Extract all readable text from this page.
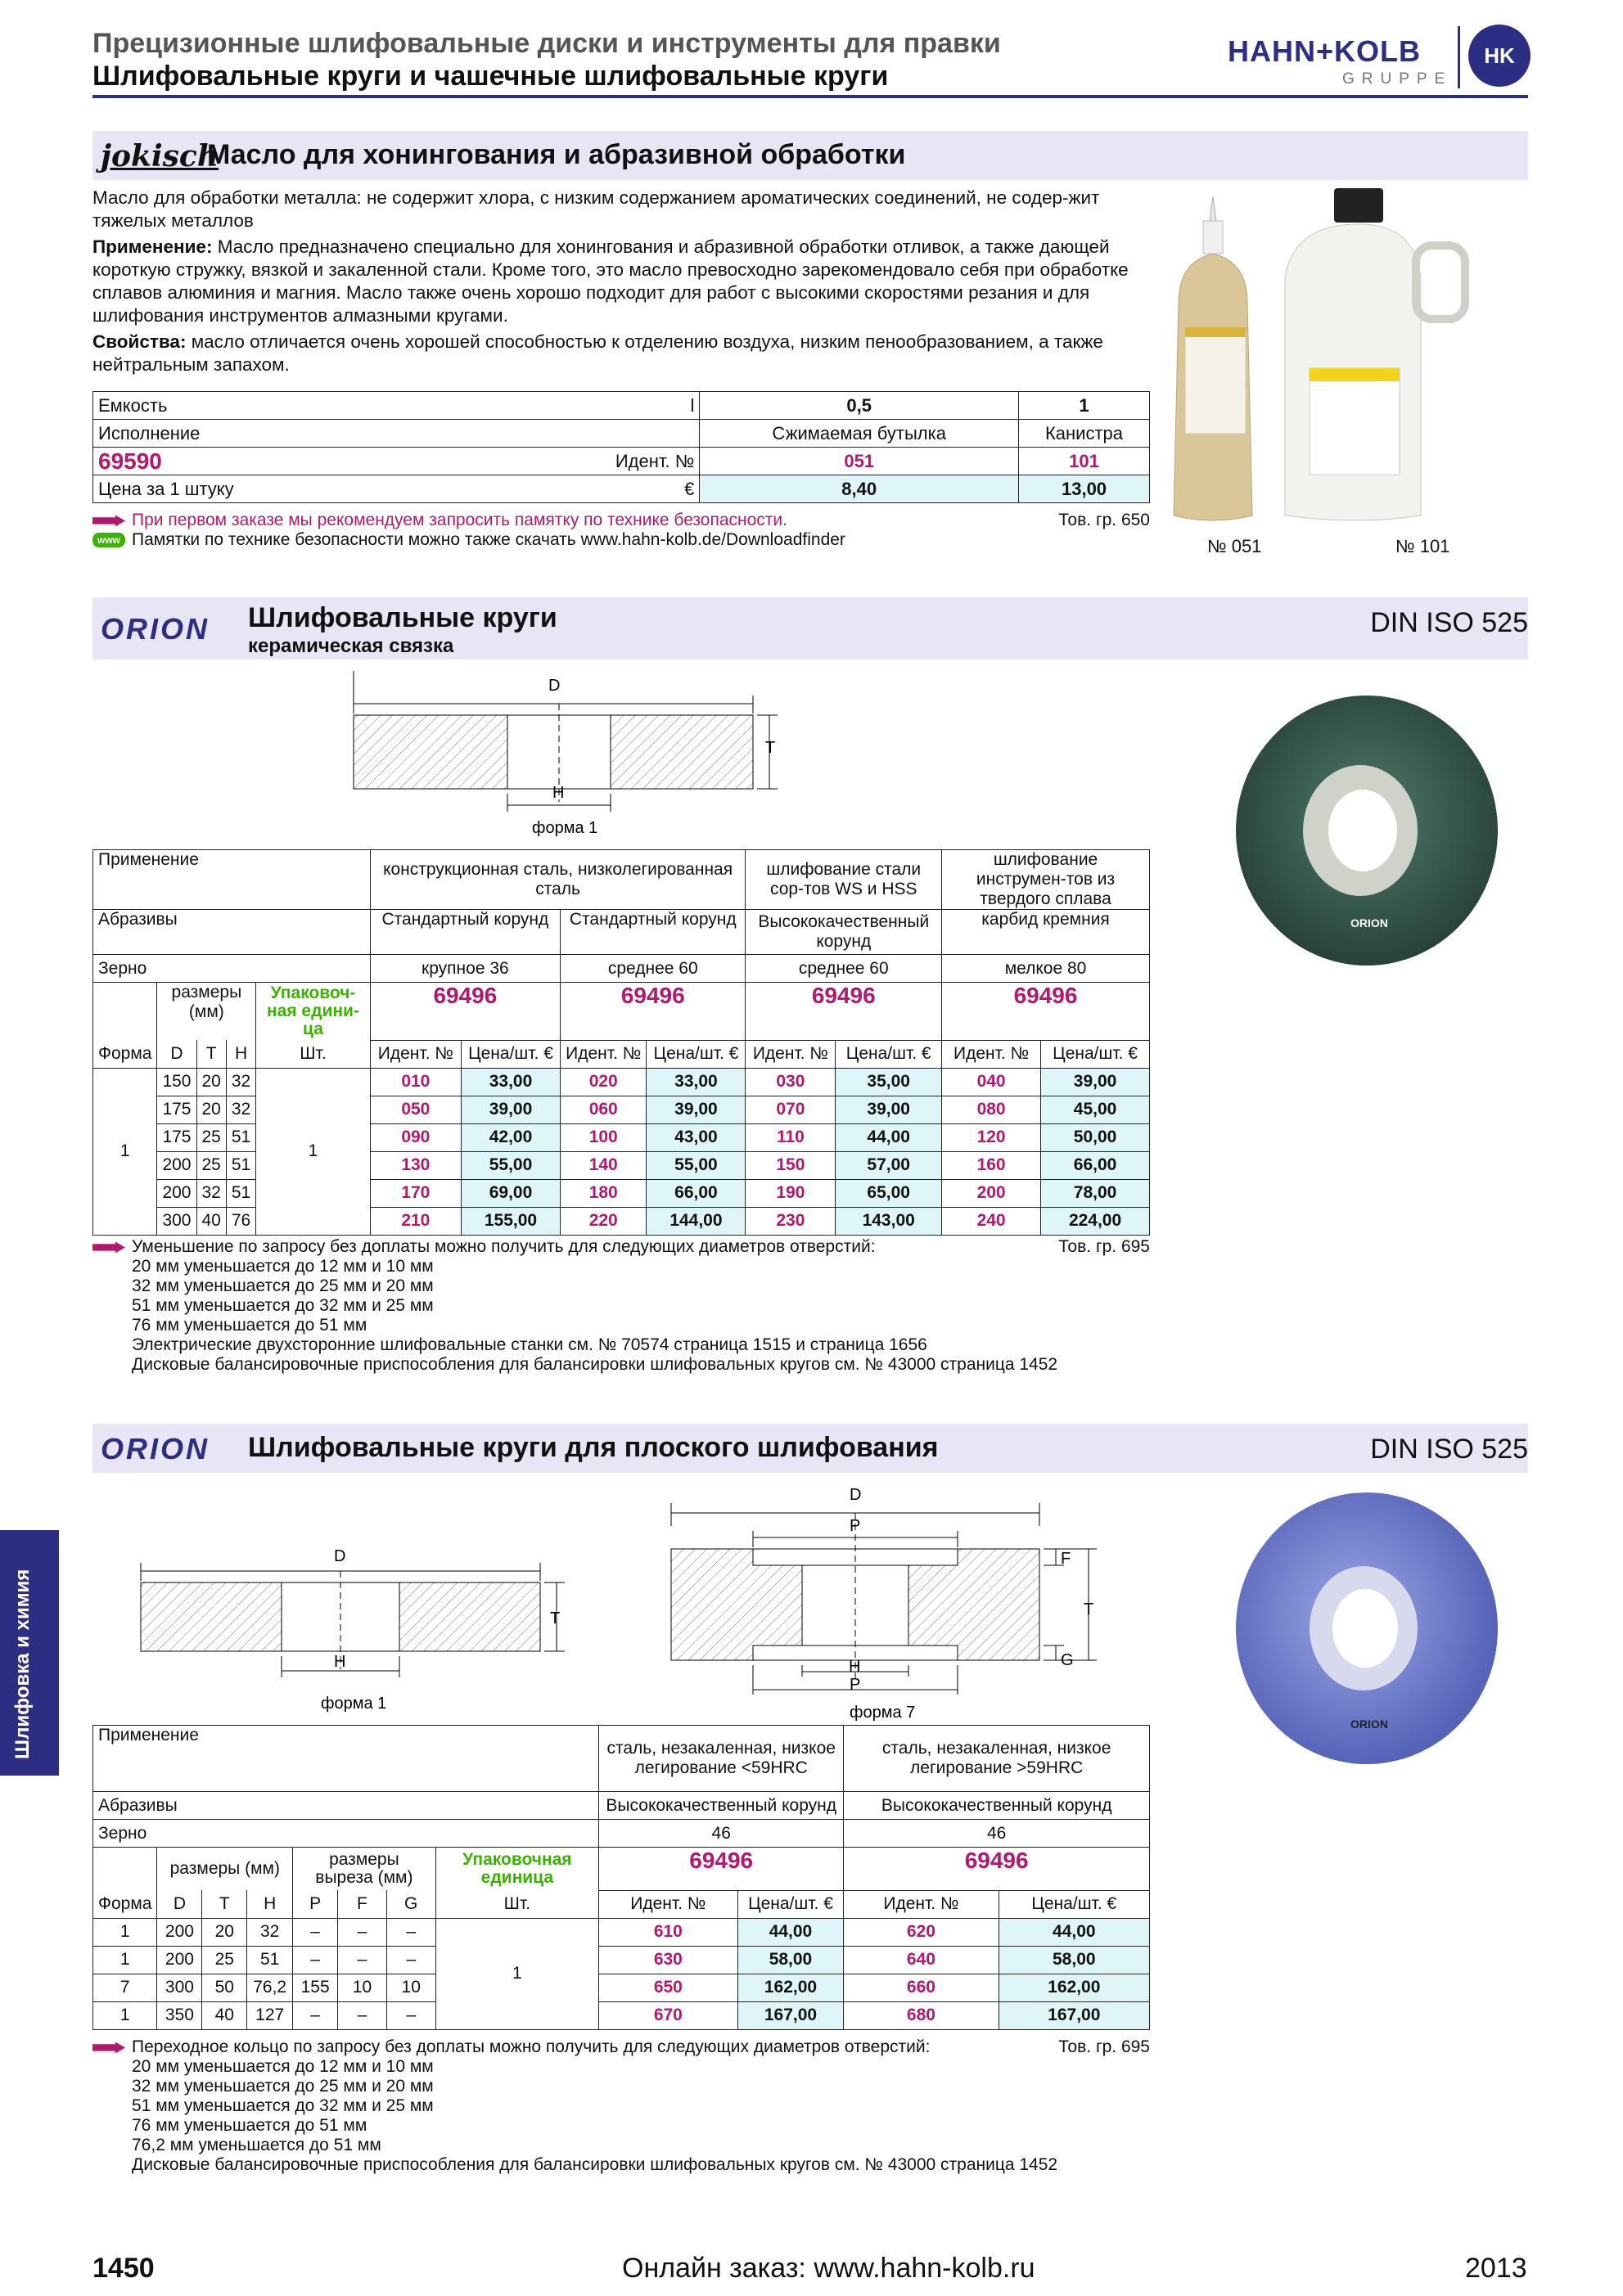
Прецизионные шлифовальные диски и инструменты для правки
Шлифовальные круги и чашечные шлифовальные круги
HAHN+KOLB
GRUPPE
HK
Шлифовка и химия
jokisch
Масло для хонингования и абразивной обработки
Масло для обработки металла: не содержит хлора, с низким содержанием ароматических соединений, не содер-жит тяжелых металлов
Применение: Масло предназначено специально для хонингования и абразивной обработки отливок, а также дающей короткую стружку, вязкой и закаленной стали. Кроме того, это масло превосходно зарекомендовало себя при обработке сплавов алюминия и магния. Масло также очень хорошо подходит для работ с высокими скоростями резания и для шлифования инструментов алмазными кругами.
Свойства: масло отличается очень хорошей способностью к отделению воздуха, низким пенообразованием, а также нейтральным запахом.
Емкость	l	0,5	1
Исполнение		Сжимаемая бутылка	Канистра
69590	Идент. №	051	101
Цена за 1 штуку	€	8,40	13,00
При первом заказе мы рекомендуем запросить памятку по технике безопасности.	Тов. гр. 650
www Памятки по технике безопасности можно также скачать www.hahn-kolb.de/Downloadfinder	№ 051	№ 101
ORION Шлифовальные круги
керамическая связка
DIN ISO 525
D
T
H
форма 1
ORION
Применение					конструкционная сталь, низколегированная сталь				шлифование стали сор-тов WS и HSS		шлифование инструмен-тов из твердого сплава	
Абразивы					Стандартный корунд		Стандартный корунд		Высококачественный корунд		карбид кремния	
Зерно					крупное 36		среднее 60		среднее 60		мелкое 80	
	размеры (мм)			Упаковоч-ная едини-ца	69496		69496		69496		69496	
Форма	D	T	H	Шт.	Идент. №	Цена/шт. €	Идент. №	Цена/шт. €	Идент. №	Цена/шт. €	Идент. №	Цена/шт. €
1	150	20	32	1	010	33,00	020	33,00	030	35,00	040	39,00
	175	20	32		050	39,00	060	39,00	070	39,00	080	45,00
	175	25	51		090	42,00	100	43,00	110	44,00	120	50,00
	200	25	51		130	55,00	140	55,00	150	57,00	160	66,00
	200	32	51		170	69,00	180	66,00	190	65,00	200	78,00
	300	40	76		210	155,00	220	144,00	230	143,00	240	224,00
Уменьшение по запросу без доплаты можно получить для следующих диаметров отверстий:	Тов. гр. 695
20 мм уменьшается до 12 мм и 10 мм
32 мм уменьшается до 25 мм и 20 мм
51 мм уменьшается до 32 мм и 25 мм
76 мм уменьшается до 51 мм
Электрические двухсторонние шлифовальные станки см. № 70574 страница 1515 и страница 1656
Дисковые балансировочные приспособления для балансировки шлифовальных кругов см. № 43000 страница 1452
ORION Шлифовальные круги для плоского шлифования	DIN ISO 525
D
T
H
форма 1
D
P
F
T
G
H
P
форма 7
ORION
Применение								сталь, незакаленная, низкое легирование <59HRC		сталь, незакаленная, низкое легирование >59HRC	
Абразивы								Высококачественный корунд		Высококачественный корунд	
Зерно								46		46	
	размеры (мм)			размеры выреза (мм)			Упаковочная единица	69496		69496	
Форма	D	T	H	P	F	G	Шт.	Идент. №	Цена/шт. €	Идент. №	Цена/шт. €
1	200	20	32	–	–	–	1	610	44,00	620	44,00
1	200	25	51	–	–	–		630	58,00	640	58,00
7	300	50	76,2	155	10	10		650	162,00	660	162,00
1	350	40	127	–	–	–		670	167,00	680	167,00
Переходное кольцо по запросу без доплаты можно получить для следующих диаметров отверстий:	Тов. гр. 695
20 мм уменьшается до 12 мм и 10 мм
32 мм уменьшается до 25 мм и 20 мм
51 мм уменьшается до 32 мм и 25 мм
76 мм уменьшается до 51 мм
76,2 мм уменьшается до 51 мм
Дисковые балансировочные приспособления для балансировки шлифовальных кругов см. № 43000 страница 1452
1450	Онлайн заказ: www.hahn-kolb.ru	2013
